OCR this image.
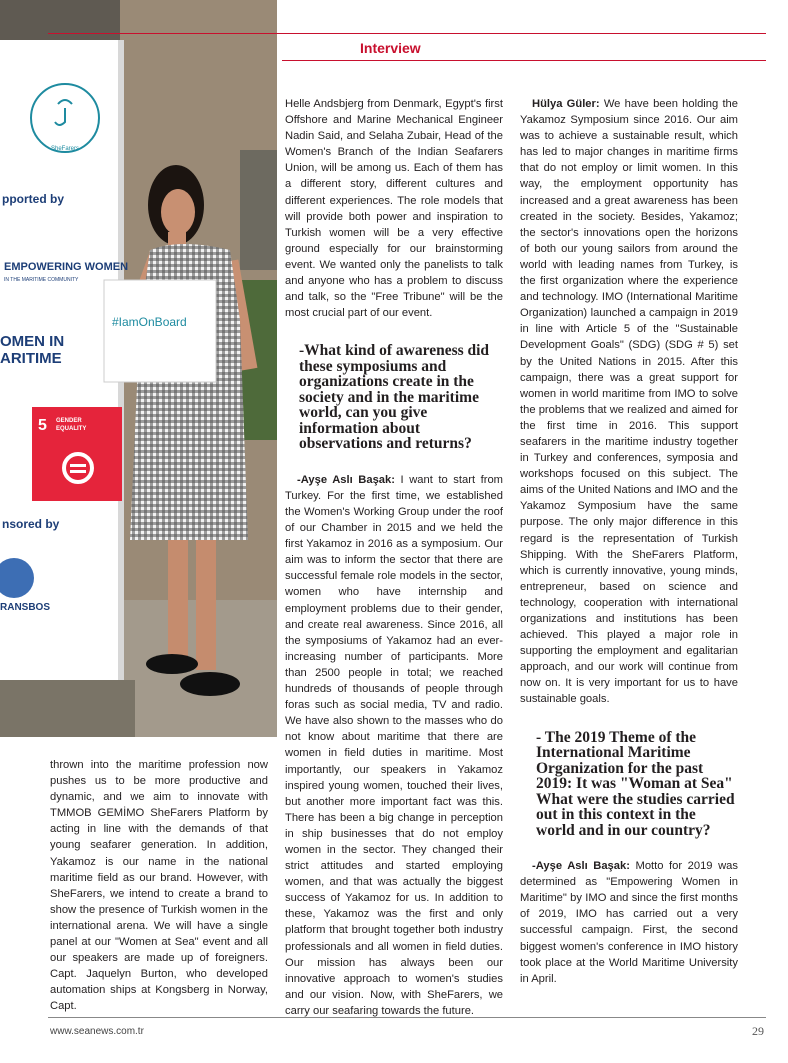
SheFarers
pported by
EMPOWERING WOMEN
IN THE MARITIME COMMUNITY
OMEN IN
ARITIME
5 GENDER
EQUALITY
nsored by
RANSBOS
#IamOnBoard
Interview

thrown into the maritime profession now pushes us to be more productive and dynamic, and we aim to innovate with TMMOB GEMİMO SheFarers Platform by acting in line with the demands of that young seafarer generation. In addition, Yakamoz is our name in the national maritime field as our brand. However, with SheFarers, we intend to create a brand to show the presence of Turkish women in the international arena. We will have a single panel at our "Women at Sea" event and all our speakers are made up of foreigners. Capt. Jaquelyn Burton, who developed automation ships at Kongsberg in Norway, Capt.

Helle Andsbjerg from Denmark, Egypt's first Offshore and Marine Mechanical Engineer Nadin Said, and Selaha Zubair, Head of the Women's Branch of the Indian Seafarers Union, will be among us. Each of them has a different story, different cultures and different experiences. The role models that will provide both power and inspiration to Turkish women will be a very effective ground especially for our brainstorming event. We wanted only the panelists to talk and anyone who has a problem to discuss and talk, so the "Free Tribune" will be the most crucial part of our event.

-What kind of awareness did these symposiums and organizations create in the society and in the maritime world, can you give information about observations and returns?

-Ayşe Aslı Başak: I want to start from Turkey. For the first time, we established the Women's Working Group under the roof of our Chamber in 2015 and we held the first Yakamoz in 2016 as a symposium. Our aim was to inform the sector that there are successful female role models in the sector, women who have internship and employment problems due to their gender, and create real awareness. Since 2016, all the symposiums of Yakamoz had an ever-increasing number of participants. More than 2500 people in total; we reached hundreds of thousands of people through foras such as social media, TV and radio. We have also shown to the masses who do not know about maritime that there are women in field duties in maritime. Most importantly, our speakers in Yakamoz inspired young women, touched their lives, but another more important fact was this. There has been a big change in perception in ship businesses that do not employ women in the sector. They changed their strict attitudes and started employing women, and that was actually the biggest success of Yakamoz for us. In addition to these, Yakamoz was the first and only platform that brought together both industry professionals and all women in field duties. Our mission has always been our innovative approach to women's studies and our vision. Now, with SheFarers, we carry our seafaring towards the future.

Hülya Güler: We have been holding the Yakamoz Symposium since 2016. Our aim was to achieve a sustainable result, which has led to major changes in maritime firms that do not employ or limit women. In this way, the employment opportunity has increased and a great awareness has been created in the society. Besides, Yakamoz; the sector's innovations open the horizons of both our young sailors from around the world with leading names from Turkey, is the first organization where the experience and technology. IMO (International Maritime Organization) launched a campaign in 2019 in line with Article 5 of the "Sustainable Development Goals" (SDG) (SDG # 5) set by the United Nations in 2015. After this campaign, there was a great support for women in world maritime from IMO to solve the problems that we realized and aimed for the first time in 2016. This support seafarers in the maritime industry together in Turkey and conferences, symposia and workshops focused on this subject. The aims of the United Nations and IMO and the Yakamoz Symposium have the same purpose. The only major difference in this regard is the representation of Turkish Shipping. With the SheFarers Platform, which is currently innovative, young minds, entrepreneur, based on science and technology, cooperation with international organizations and institutions has been achieved. This played a major role in supporting the employment and egalitarian approach, and our work will continue from now on. It is very important for us to have sustainable goals.

- The 2019 Theme of the International Maritime Organization for the past 2019: It was "Woman at Sea" What were the studies carried out in this context in the world and in our country?

-Ayşe Aslı Başak: Motto for 2019 was determined as "Empowering Women in Maritime" by IMO and since the first months of 2019, IMO has carried out a very successful campaign. First, the second biggest women's conference in IMO history took place at the World Maritime University in April.

www.seanews.com.tr	29
